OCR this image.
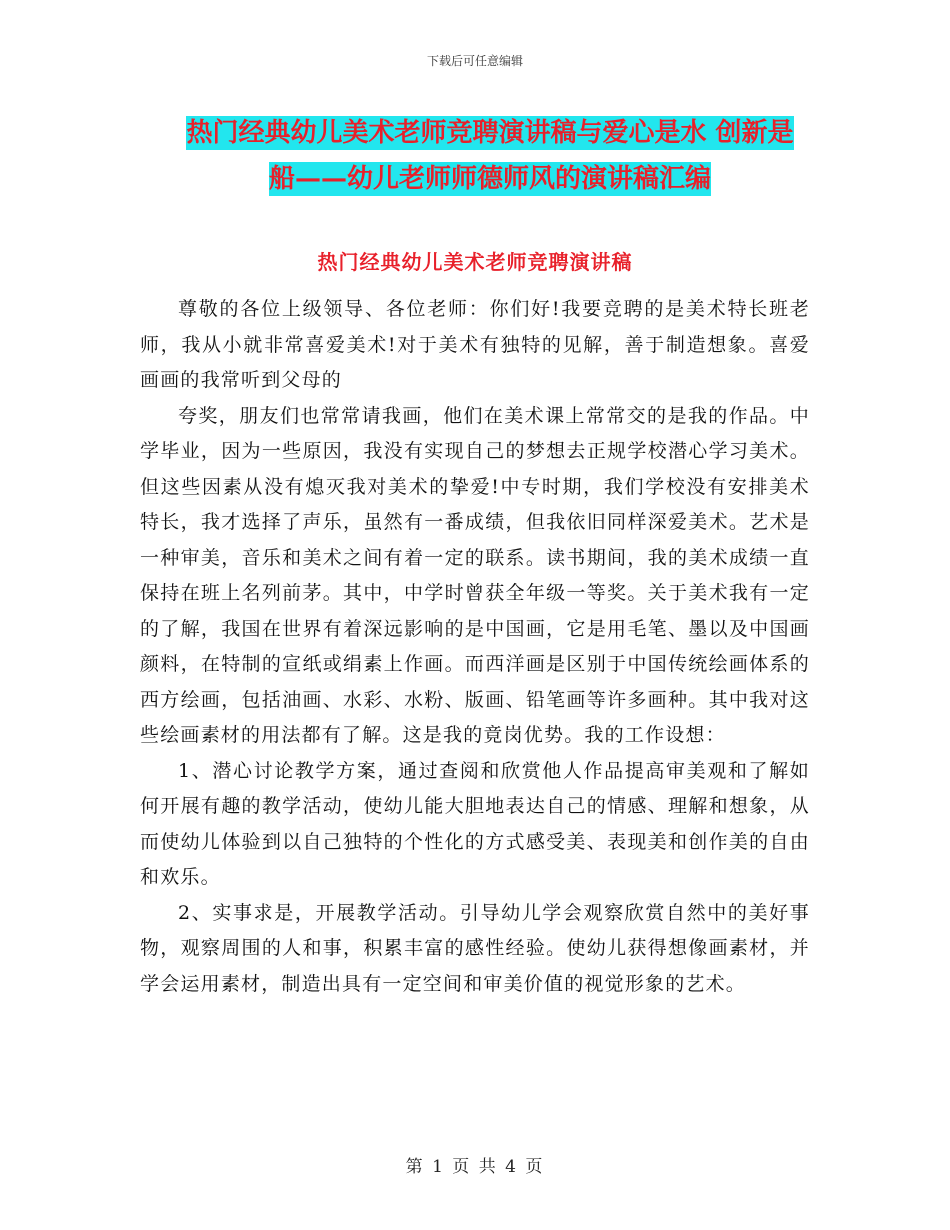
下载后可任意编辑
热门经典幼儿美术老师竞聘演讲稿与爱心是水 创新是
船——幼儿老师师德师风的演讲稿汇编
热门经典幼儿美术老师竞聘演讲稿

尊敬的各位上级领导、各位老师：你们好!我要竞聘的是美术特长班老师，我从小就非常喜爱美术!对于美术有独特的见解，善于制造想象。喜爱画画的我常听到父母的

夸奖，朋友们也常常请我画，他们在美术课上常常交的是我的作品。中学毕业，因为一些原因，我没有实现自己的梦想去正规学校潜心学习美术。但这些因素从没有熄灭我对美术的挚爱!中专时期，我们学校没有安排美术特长，我才选择了声乐，虽然有一番成绩，但我依旧同样深爱美术。艺术是一种审美，音乐和美术之间有着一定的联系。读书期间，我的美术成绩一直保持在班上名列前茅。其中，中学时曾获全年级一等奖。关于美术我有一定的了解，我国在世界有着深远影响的是中国画，它是用毛笔、墨以及中国画颜料，在特制的宣纸或绢素上作画。而西洋画是区别于中国传统绘画体系的西方绘画，包括油画、水彩、水粉、版画、铅笔画等许多画种。其中我对这些绘画素材的用法都有了解。这是我的竟岗优势。我的工作设想：

1、潜心讨论教学方案，通过查阅和欣赏他人作品提高审美观和了解如何开展有趣的教学活动，使幼儿能大胆地表达自己的情感、理解和想象，从而使幼儿体验到以自己独特的个性化的方式感受美、表现美和创作美的自由和欢乐。

2、实事求是，开展教学活动。引导幼儿学会观察欣赏自然中的美好事物，观察周围的人和事，积累丰富的感性经验。使幼儿获得想像画素材，并学会运用素材，制造出具有一定空间和审美价值的视觉形象的艺术。

第 1 页 共 4 页
